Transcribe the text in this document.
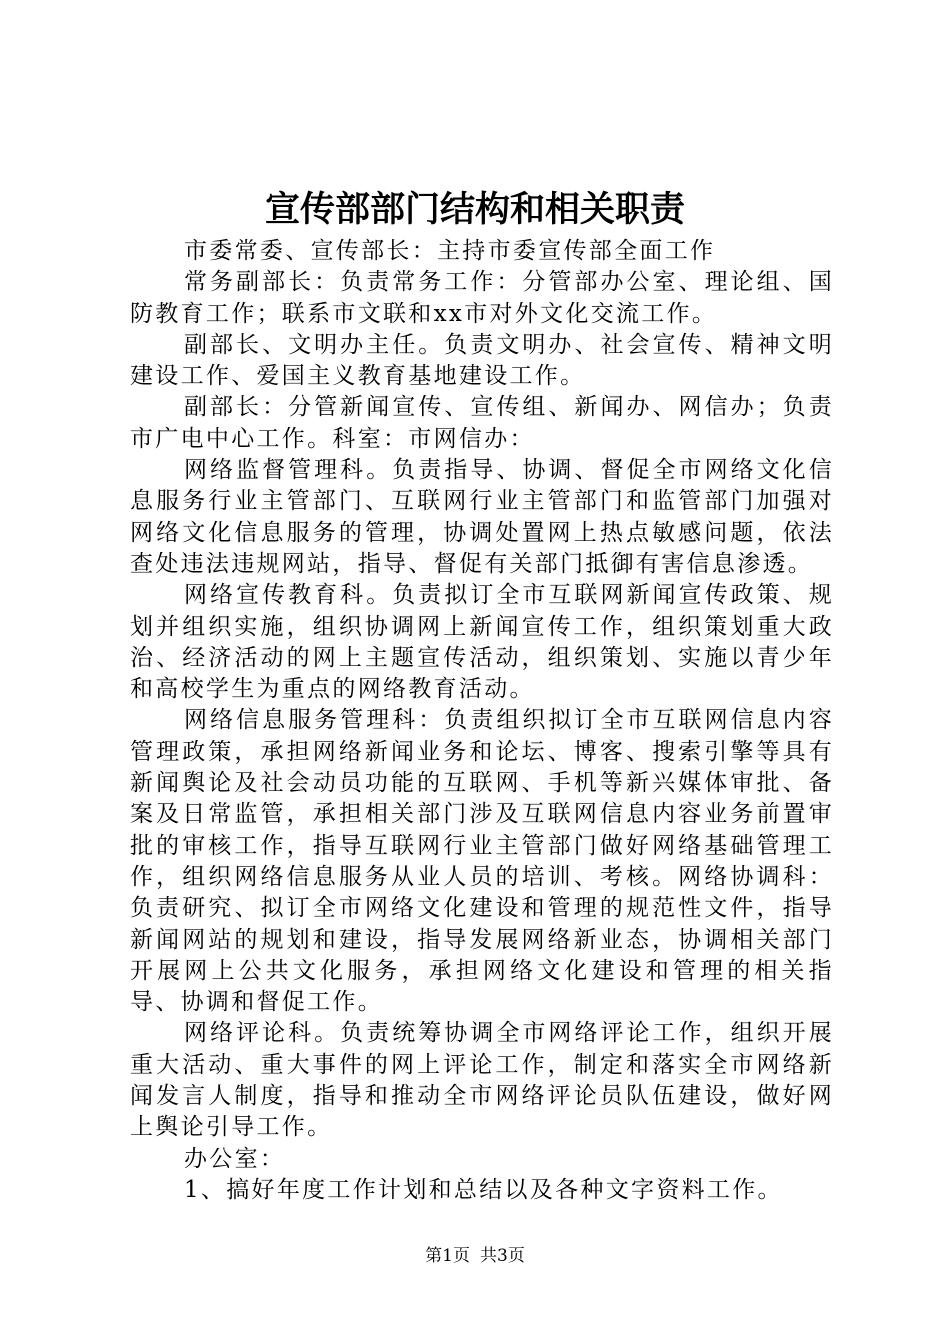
宣传部部门结构和相关职责

市委常委、宣传部长：主持市委宣传部全面工作

常务副部长：负责常务工作：分管部办公室、理论组、国防教育工作；联系市文联和xx市对外文化交流工作。

副部长、文明办主任。负责文明办、社会宣传、精神文明建设工作、爱国主义教育基地建设工作。

副部长：分管新闻宣传、宣传组、新闻办、网信办；负责市广电中心工作。科室：市网信办：

网络监督管理科。负责指导、协调、督促全市网络文化信息服务行业主管部门、互联网行业主管部门和监管部门加强对网络文化信息服务的管理，协调处置网上热点敏感问题，依法查处违法违规网站，指导、督促有关部门抵御有害信息渗透。

网络宣传教育科。负责拟订全市互联网新闻宣传政策、规划并组织实施，组织协调网上新闻宣传工作，组织策划重大政治、经济活动的网上主题宣传活动，组织策划、实施以青少年和高校学生为重点的网络教育活动。

网络信息服务管理科：负责组织拟订全市互联网信息内容管理政策，承担网络新闻业务和论坛、博客、搜索引擎等具有新闻舆论及社会动员功能的互联网、手机等新兴媒体审批、备案及日常监管，承担相关部门涉及互联网信息内容业务前置审批的审核工作，指导互联网行业主管部门做好网络基础管理工作，组织网络信息服务从业人员的培训、考核。网络协调科：负责研究、拟订全市网络文化建设和管理的规范性文件，指导新闻网站的规划和建设，指导发展网络新业态，协调相关部门开展网上公共文化服务，承担网络文化建设和管理的相关指导、协调和督促工作。

网络评论科。负责统筹协调全市网络评论工作，组织开展重大活动、重大事件的网上评论工作，制定和落实全市网络新闻发言人制度，指导和推动全市网络评论员队伍建设，做好网上舆论引导工作。

办公室：

1、搞好年度工作计划和总结以及各种文字资料工作。

第1页 共3页
